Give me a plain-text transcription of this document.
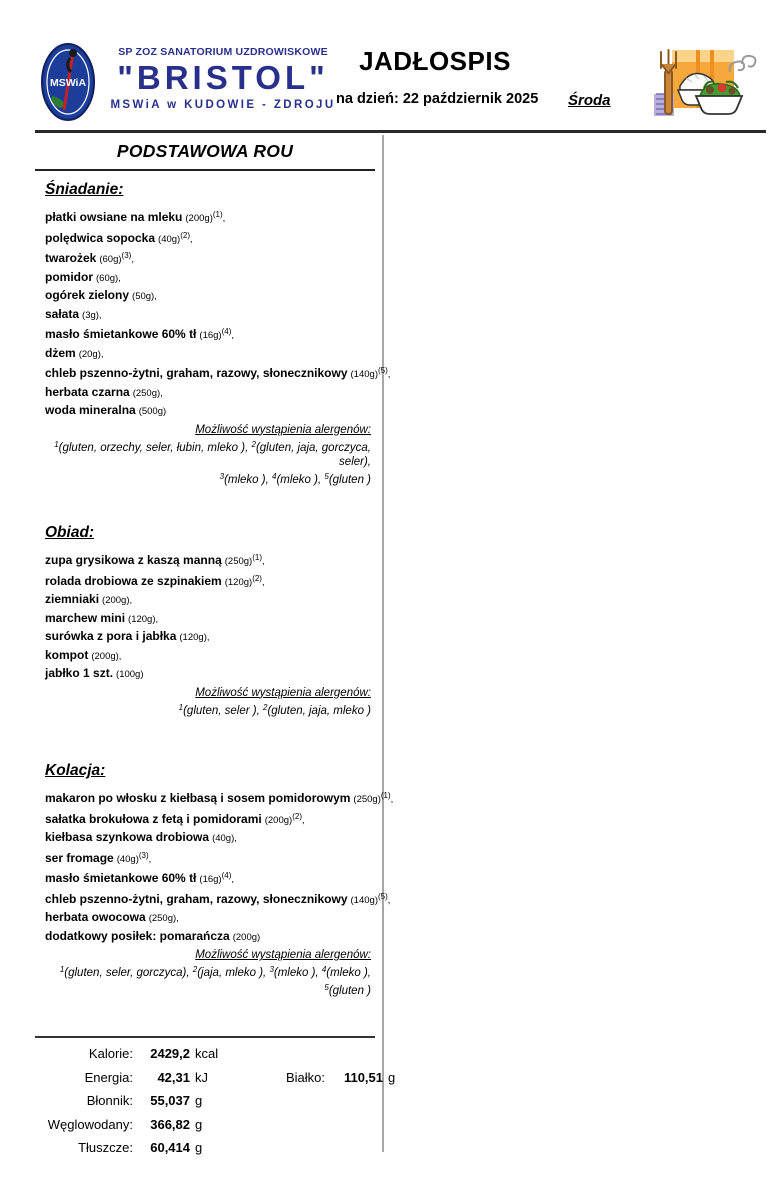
MSWiA
SP ZOZ SANATORIUM UZDROWISKOWE
"BRISTOL"
MSWiA w KUDOWIE - ZDROJU
JADŁOSPIS
na dzień: 22 październik 2025 Środa
PODSTAWOWA ROU
Śniadanie:
płatki owsiane na mleku $(200g)^{(1)}$,
polędwica sopocka $(40g)^{(2)}$,
twarożek $(60g)^{(3)}$,
pomidor (60g),
ogórek zielony (50g),
sałata (3g),
masło śmietankowe 60% tł $(16g)^{(4)}$,
dżem (20g),
chleb pszenno-żytni, graham, razowy, słonecznikowy $(140g)^{(5)}$,
herbata czarna (250g),
woda mineralna (500g)
Możliwość wystąpienia alergenów:
$^1$(gluten, orzechy, seler, łubin, mleko ), $^2$(gluten, jaja, gorczyca, seler),
$^3$(mleko ), $^4$(mleko ), $^5$(gluten )
Obiad:
zupa grysikowa z kaszą manną $(250g)^{(1)}$,
rolada drobiowa ze szpinakiem $(120g)^{(2)}$,
ziemniaki (200g),
marchew mini (120g),
surówka z pora i jabłka (120g),
kompot (200g),
jabłko 1 szt. (100g)
Możliwość wystąpienia alergenów:
$^1$(gluten, seler ), $^2$(gluten, jaja, mleko )
Kolacja:
makaron po włosku z kiełbasą i sosem pomidorowym $(250g)^{(1)}$,
sałatka brokułowa z fetą i pomidorami $(200g)^{(2)}$,
kiełbasa szynkowa drobiowa (40g),
ser fromage $(40g)^{(3)}$,
masło śmietankowe 60% tł $(16g)^{(4)}$,
chleb pszenno-żytni, graham, razowy, słonecznikowy $(140g)^{(5)}$,
herbata owocowa (250g),
dodatkowy posiłek: pomarańcza (200g)
Możliwość wystąpienia alergenów:
$^1$(gluten, seler, gorczyca), $^2$(jaja, mleko ), $^3$(mleko ), $^4$(mleko ),
$^5$(gluten )
Kalorie: 2429,2 kcal
Energia: 42,31 kJ	Białko: 110,51 g
Błonnik: 55,037 g
Węglowodany: 366,82 g
Tłuszcze: 60,414 g
